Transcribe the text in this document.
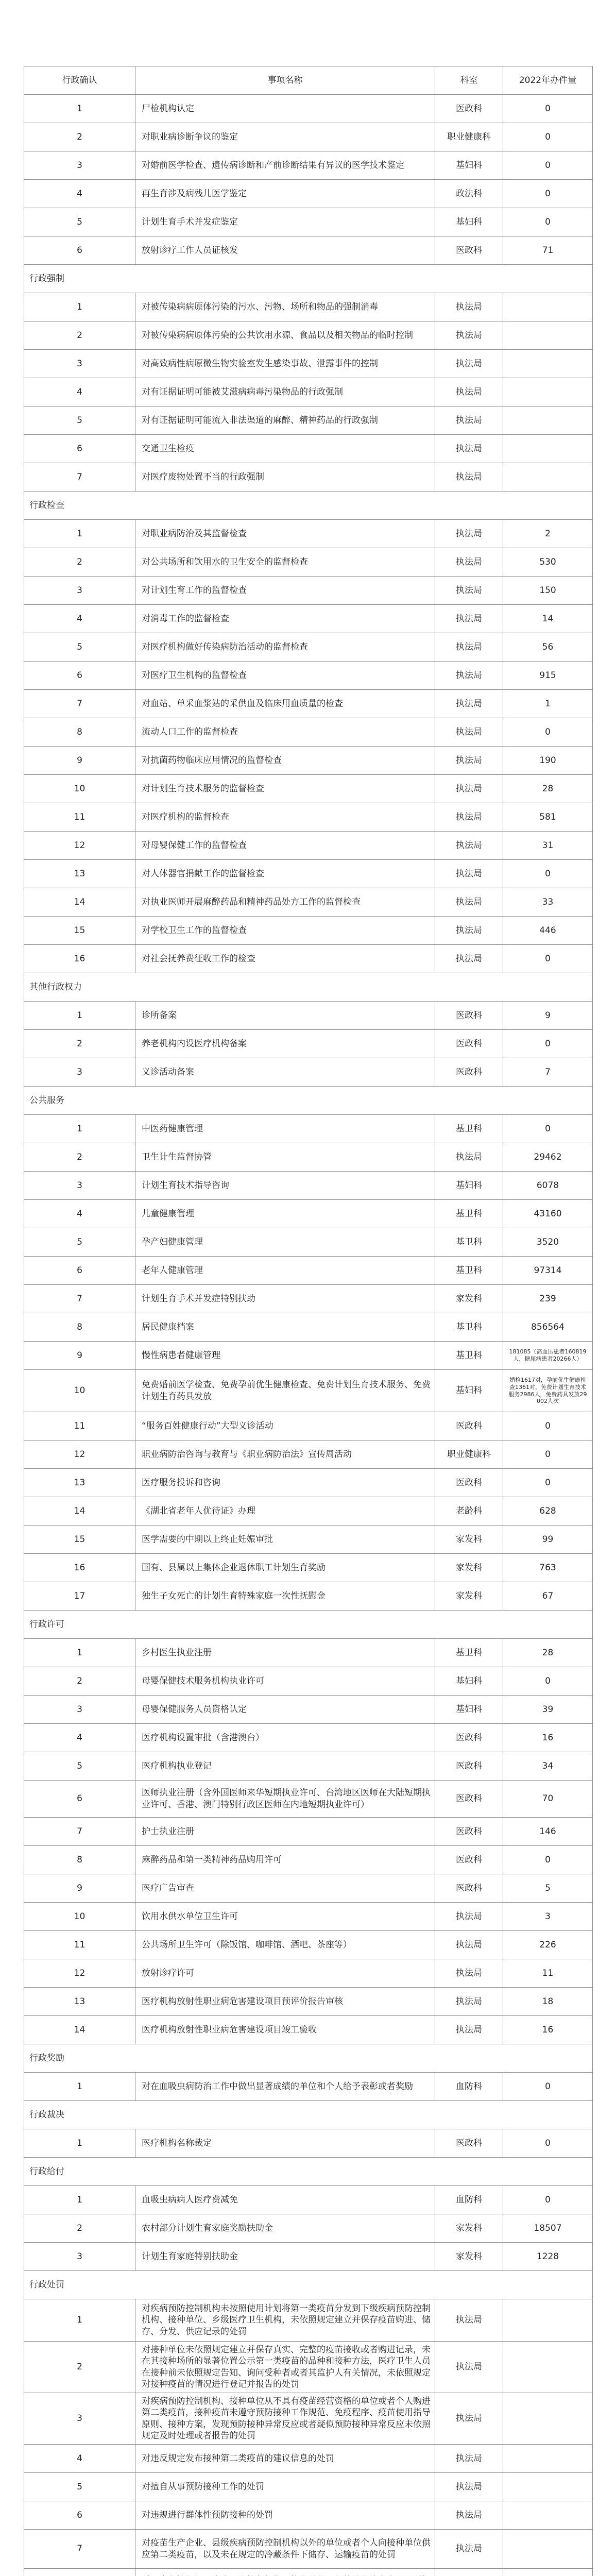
行政确认	事项名称	科室	2022年办件量
1	尸检机构认定	医政科	0
2	对职业病诊断争议的鉴定	职业健康科	0
3	对婚前医学检查、遗传病诊断和产前诊断结果有异议的医学技术鉴定	基妇科	0
4	再生育涉及病残儿医学鉴定	政法科	0
5	计划生育手术并发症鉴定	基妇科	0
6	放射诊疗工作人员证核发	医政科	71
行政强制			
1	对被传染病病原体污染的污水、污物、场所和物品的强制消毒	执法局	
2	对被传染病病原体污染的公共饮用水源、食品以及相关物品的临时控制	执法局	
3	对高致病性病原微生物实验室发生感染事故、泄露事件的控制	执法局	
4	对有证据证明可能被艾滋病病毒污染物品的行政强制	执法局	
5	对有证据证明可能流入非法渠道的麻醉、精神药品的行政强制	执法局	
6	交通卫生检疫	执法局	
7	对医疗废物处置不当的行政强制	执法局	
行政检查			
1	对职业病防治及其监督检查	执法局	2
2	对公共场所和饮用水的卫生安全的监督检查	执法局	530
3	对计划生育工作的监督检查	执法局	150
4	对消毒工作的监督检查	执法局	14
5	对医疗机构做好传染病防治活动的监督检查	执法局	56
6	对医疗卫生机构的监督检查	执法局	915
7	对血站、单采血浆站的采供血及临床用血质量的检查	执法局	1
8	流动人口工作的监督检查	执法局	0
9	对抗菌药物临床应用情况的监督检查	执法局	190
10	对计划生育技术服务的监督检查	执法局	28
11	对医疗机构的监督检查	执法局	581
12	对母婴保健工作的监督检查	执法局	31
13	对人体器官捐献工作的监督检查	执法局	0
14	对执业医师开展麻醉药品和精神药品处方工作的监督检查	执法局	33
15	对学校卫生工作的监督检查	执法局	446
16	对社会抚养费征收工作的检查	执法局	0
其他行政权力			
1	诊所备案	医政科	9
2	养老机构内设医疗机构备案	医政科	0
3	义诊活动备案	医政科	7
公共服务			
1	中医药健康管理	基卫科	0
2	卫生计生监督协管	执法局	29462
3	计划生育技术指导咨询	基妇科	6078
4	儿童健康管理	基卫科	43160
5	孕产妇健康管理	基卫科	3520
6	老年人健康管理	基卫科	97314
7	计划生育手术并发症特别扶助	家发科	239
8	居民健康档案	基卫科	856564
9	慢性病患者健康管理	基卫科	181085（高血压患者160819人，糖尿病患者20266人）
10	免费婚前医学检查、免费孕前优生健康检查、免费计划生育技术服务、免费计划生育药具发放	基妇科	婚检1617对，孕前优生健康检查1361对，免费计划生育技术服务2986人，免费药具发放29002人次
11	“服务百姓健康行动”大型义诊活动	医政科	0
12	职业病防治咨询与教育与《职业病防治法》宣传周活动	职业健康科	0
13	医疗服务投诉和咨询	医政科	0
14	《湖北省老年人优待证》办理	老龄科	628
15	医学需要的中期以上终止妊娠审批	家发科	99
16	国有、县属以上集体企业退休职工计划生育奖励	家发科	763
17	独生子女死亡的计划生育特殊家庭一次性抚慰金	家发科	67
行政许可			
1	乡村医生执业注册	基卫科	28
2	母婴保健技术服务机构执业许可	基妇科	0
3	母婴保健服务人员资格认定	基妇科	39
4	医疗机构设置审批（含港澳台）	医政科	16
5	医疗机构执业登记	医政科	34
6	医师执业注册（含外国医师来华短期执业许可、台湾地区医师在大陆短期执业许可、香港、澳门特别行政区医师在内地短期执业许可）	医政科	70
7	护士执业注册	医政科	146
8	麻醉药品和第一类精神药品购用许可	医政科	0
9	医疗广告审查	医政科	5
10	饮用水供水单位卫生许可	执法局	3
11	公共场所卫生许可（除饭馆、咖啡馆、酒吧、茶座等）	执法局	226
12	放射诊疗许可	执法局	11
13	医疗机构放射性职业病危害建设项目预评价报告审核	执法局	18
14	医疗机构放射性职业病危害建设项目竣工验收	执法局	16
行政奖励			
1	对在血吸虫病防治工作中做出显著成绩的单位和个人给予表彰或者奖励	血防科	0
行政裁决			
1	医疗机构名称裁定	医政科	0
行政给付			
1	血吸虫病病人医疗费减免	血防科	0
2	农村部分计划生育家庭奖励扶助金	家发科	18507
3	计划生育家庭特别扶助金	家发科	1228
行政处罚			
1	对疾病预防控制机构未按照使用计划将第一类疫苗分发到下级疾病预防控制机构、接种单位、乡级医疗卫生机构，未依照规定建立并保存疫苗购进、储存、分发、供应记录的处罚	执法局	
2	对接种单位未依照规定建立并保存真实、完整的疫苗接收或者购进记录，未在其接种场所的显著位置公示第一类疫苗的品种和接种方法，医疗卫生人员在接种前未依照规定告知、询问受种者或者其监护人有关情况，未依照规定对接种疫苗的情况进行登记并报告的处罚	执法局	
3	对疾病预防控制机构、接种单位从不具有疫苗经营资格的单位或者个人购进第二类疫苗，接种疫苗未遵守预防接种工作规范、免疫程序、疫苗使用指导原则、接种方案，发现预防接种异常反应或者疑似预防接种异常反应未依照规定及时处理或者报告的处罚	执法局	
4	对违反规定发布接种第二类疫苗的建议信息的处罚	执法局	
5	对擅自从事预防接种工作的处罚	执法局	
6	对违规进行群体性预防接种的处罚	执法局	
7	对疫苗生产企业、县级疾病预防控制机构以外的单位或者个人向接种单位供应第二类疫苗，以及未在规定的冷藏条件下储存、运输疫苗的处罚	执法局	
